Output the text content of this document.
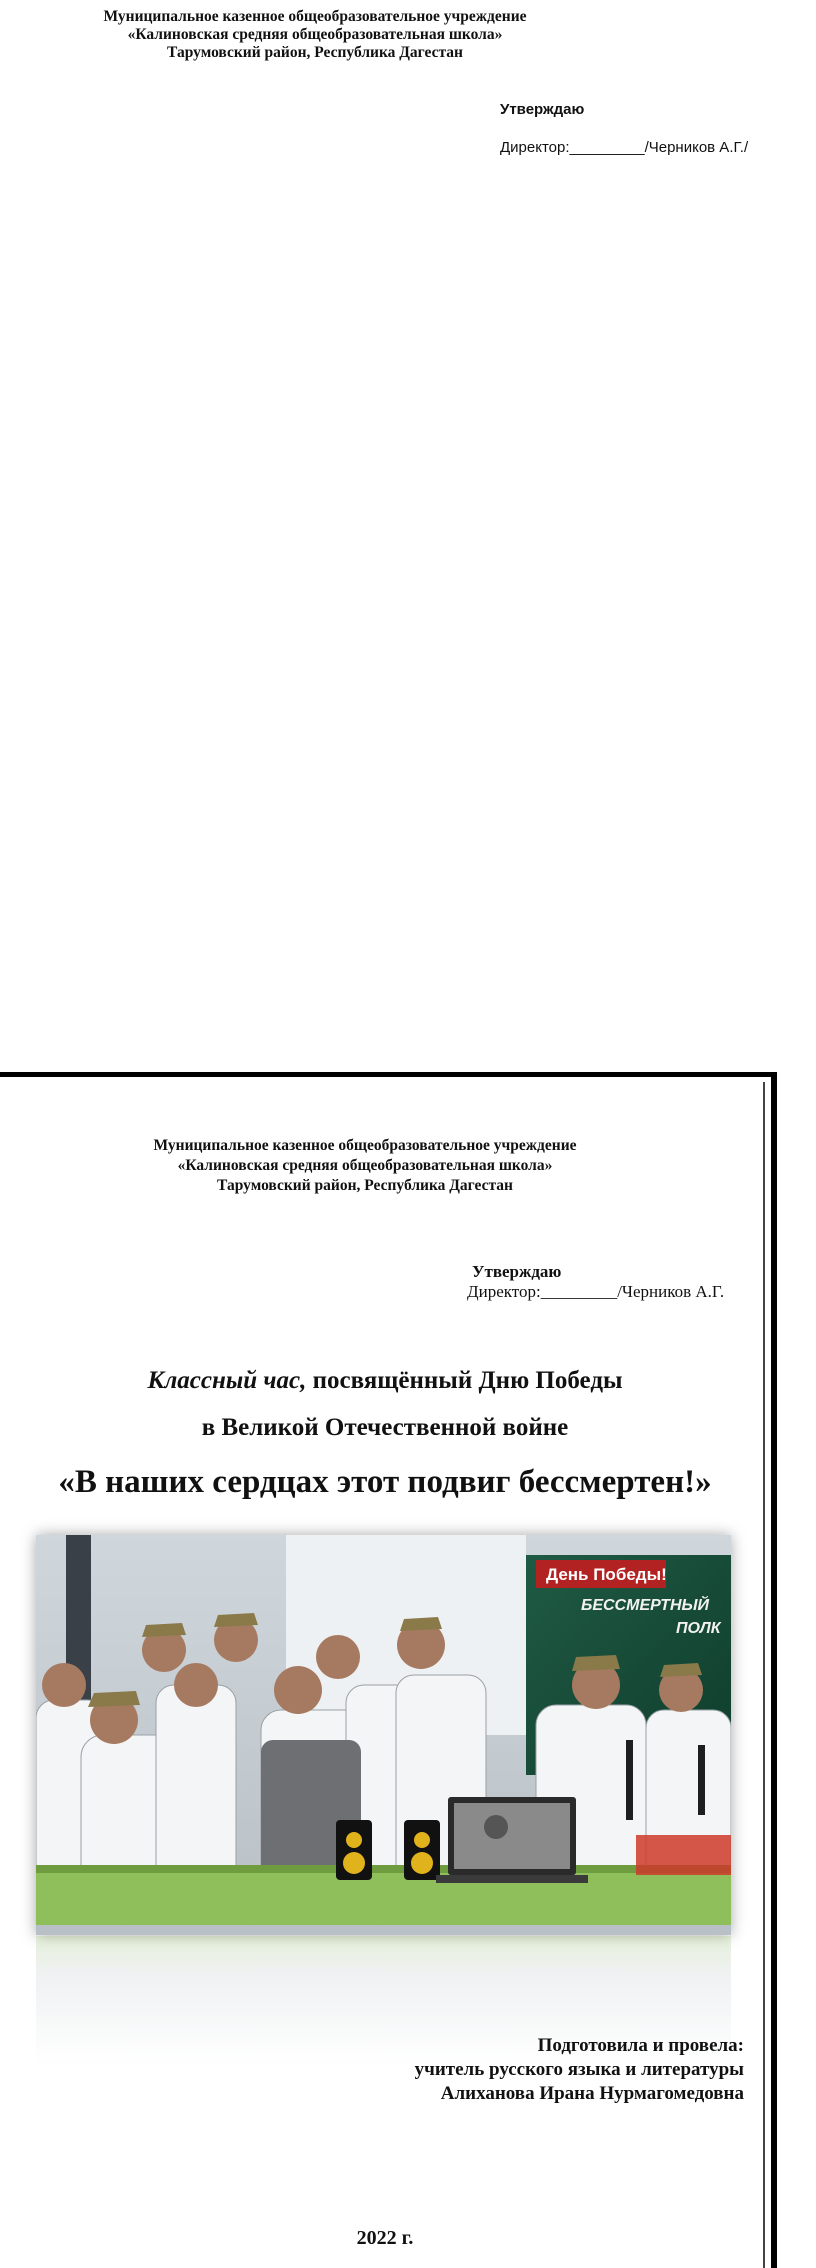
Муниципальное казенное общеобразовательное учреждение
«Калиновская средняя общеобразовательная школа»
Тарумовский район, Республика Дагестан
Утверждаю
Директор:_________/Черников А.Г./
Муниципальное казенное общеобразовательное учреждение
«Калиновская средняя общеобразовательная школа»
Тарумовский район, Республика Дагестан
Утверждаю
Директор:_________/Черников А.Г.
Классный час, посвящённый Дню Победы
в Великой Отечественной войне
«В наших сердцах этот подвиг бессмертен!»
День Победы!
БЕССМЕРТНЫЙ
ПОЛК
Подготовила и провела:
учитель русского языка и литературы
Алиханова Ирана Нурмагомедовна
2022 г.
